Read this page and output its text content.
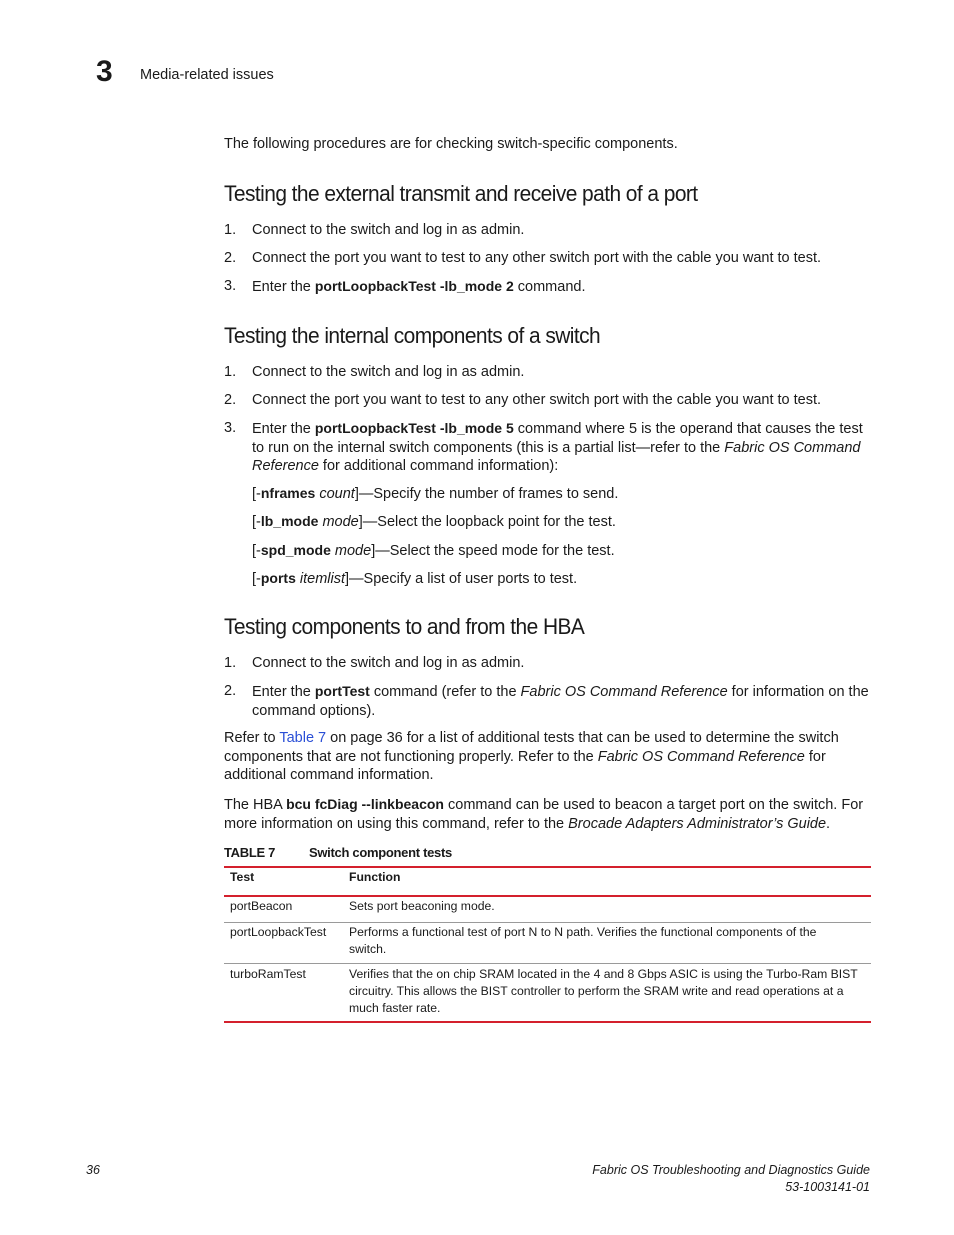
3 Media-related issues
The following procedures are for checking switch-specific components.
Testing the external transmit and receive path of a port
1. Connect to the switch and log in as admin.
2. Connect the port you want to test to any other switch port with the cable you want to test.
3. Enter the portLoopbackTest -lb_mode 2 command.
Testing the internal components of a switch
1. Connect to the switch and log in as admin.
2. Connect the port you want to test to any other switch port with the cable you want to test.
3. Enter the portLoopbackTest -lb_mode 5 command where 5 is the operand that causes the test to run on the internal switch components (this is a partial list—refer to the Fabric OS Command Reference for additional command information):
[-nframes count]—Specify the number of frames to send.
[-lb_mode mode]—Select the loopback point for the test.
[-spd_mode mode]—Select the speed mode for the test.
[-ports itemlist]—Specify a list of user ports to test.
Testing components to and from the HBA
1. Connect to the switch and log in as admin.
2. Enter the portTest command (refer to the Fabric OS Command Reference for information on the command options).
Refer to Table 7 on page 36 for a list of additional tests that can be used to determine the switch components that are not functioning properly. Refer to the Fabric OS Command Reference for additional command information.
The HBA bcu fcDiag --linkbeacon command can be used to beacon a target port on the switch. For more information on using this command, refer to the Brocade Adapters Administrator’s Guide.
TABLE 7	Switch component tests
Test	Function
portBeacon	Sets port beaconing mode.
portLoopbackTest Performs a functional test of port N to N path. Verifies the functional components of the switch.
turboRamTest	Verifies that the on chip SRAM located in the 4 and 8 Gbps ASIC is using the Turbo-Ram BIST circuitry. This allows the BIST controller to perform the SRAM write and read operations at a much faster rate.
36	Fabric OS Troubleshooting and Diagnostics Guide
53-1003141-01
